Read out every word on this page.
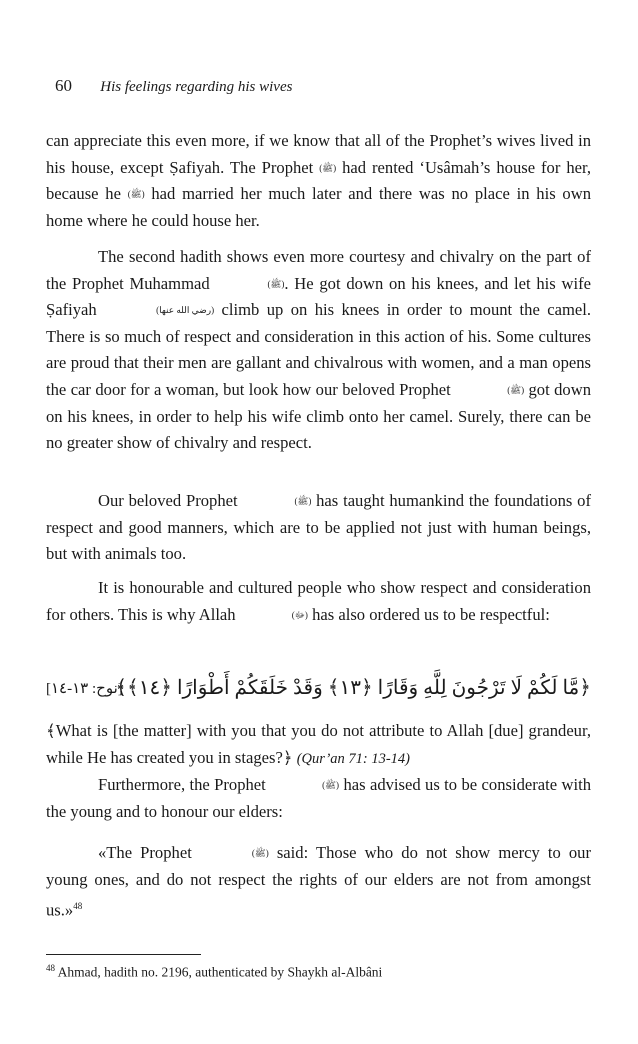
60 His feelings regarding his wives

can appreciate this even more, if we know that all of the Prophet’s wives lived in his house, except Ṣafiyah. The Prophet (ﷺ) had rented ‘Usâmah’s house for her, because he (ﷺ) had married her much later and there was no place in his own home where he could house her.

The second hadith shows even more courtesy and chivalry on the part of the Prophet Muhammad	(ﷺ). He got down on his knees, and let his wife Ṣafiyah	(رضي الله عنها) climb up on his knees in order to mount the camel. There is so much of respect and consideration in this action of his. Some cultures are proud that their men are gallant and chivalrous with women, and a man opens the car door for a woman, but look how our beloved Prophet	(ﷺ) got down on his knees, in order to help his wife climb onto her camel. Surely, there can be no greater show of chivalry and respect.

Our beloved Prophet	(ﷺ) has taught humankind the foundations of respect and good manners, which are to be applied not just with human beings, but with animals too.

It is honourable and cultured people who show respect and consideration for others. This is why Allah	(ﷻ) has also ordered us to be respectful:

[نوح: ١٣-١٤]
﴿مَّا لَكُمْ لَا تَرْجُونَ لِلَّهِ وَقَارًا ﴿١٣﴾ وَقَدْ خَلَقَكُمْ أَطْوَارًا ﴿١٤﴾﴾

﴾What is [the matter] with you that you do not attribute to Allah [due] grandeur, while He has created you in stages?﴿ (Qur’an 71: 13-14)

Furthermore, the Prophet	(ﷺ) has advised us to be considerate with the young and to honour our elders:

«The Prophet	(ﷺ) said: Those who do not show mercy to our young ones, and do not respect the rights of our elders are not from amongst us.»$^{48}$

$^{48}$ Ahmad, hadith no. 2196, authenticated by Shaykh al-Albâni
